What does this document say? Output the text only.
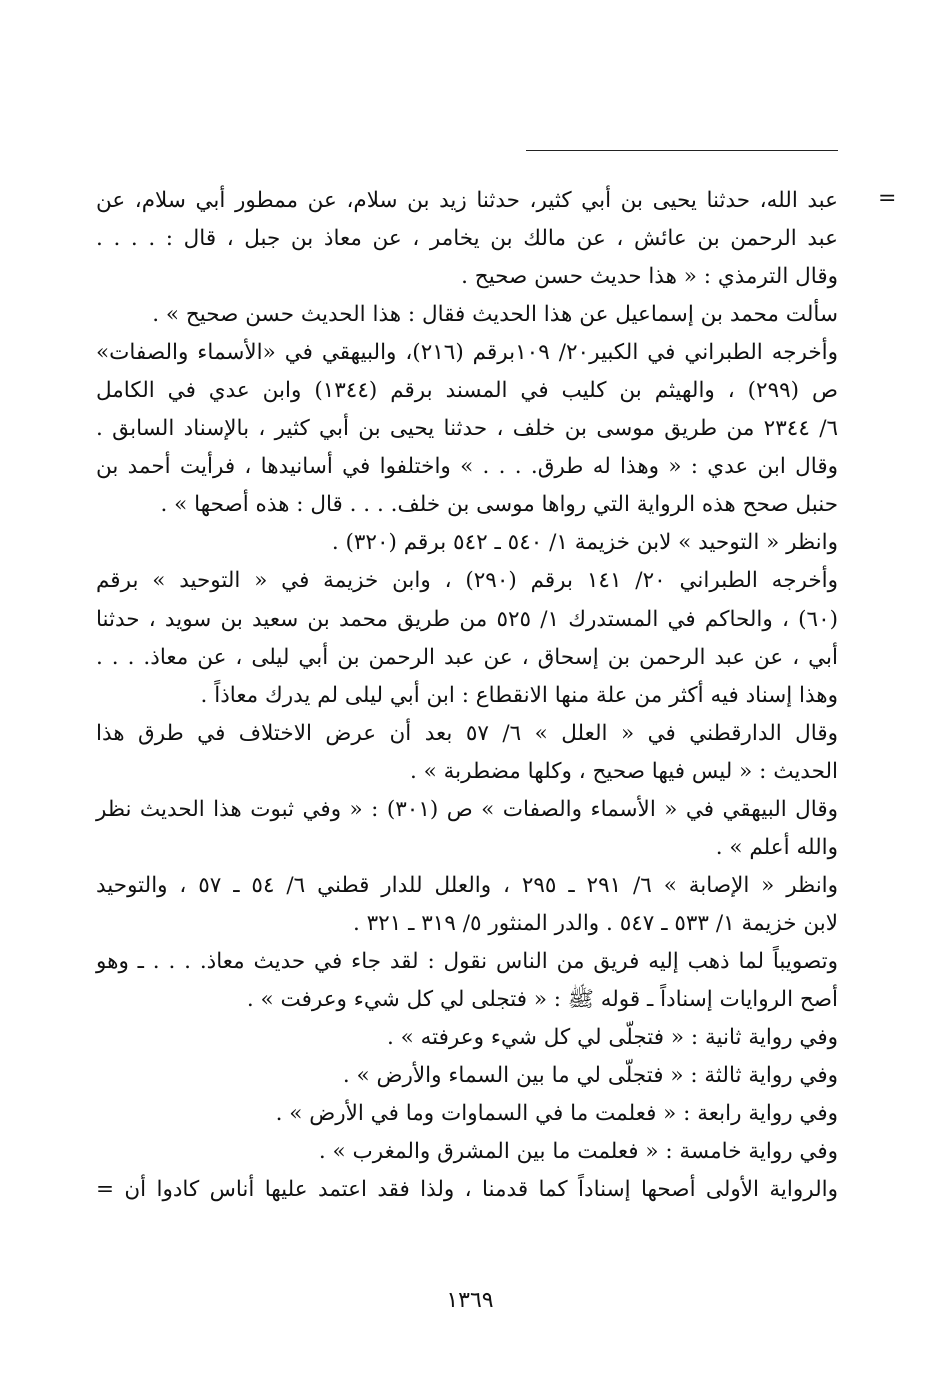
=
عبد الله، حدثنا يحيى بن أبي كثير، حدثنا زيد بن سلام، عن ممطور أبي سلام، عن
عبد الرحمن بن عائش ، عن مالك بن يخامر ، عن معاذ بن جبل ، قال : . . . .
وقال الترمذي : « هذا حديث حسن صحيح .
سألت محمد بن إسماعيل عن هذا الحديث فقال : هذا الحديث حسن صحيح » .
وأخرجه الطبراني في الكبير٢٠/ ١٠٩برقم (٢١٦)، والبيهقي في «الأسماء والصفات»
ص (٢٩٩) ، والهيثم بن كليب في المسند برقم (١٣٤٤) وابن عدي في الكامل
٦/ ٢٣٤٤ من طريق موسى بن خلف ، حدثنا يحيى بن أبي كثير ، بالإسناد السابق .
وقال ابن عدي : « وهذا له طرق. . . . » واختلفوا في أسانيدها ، فرأيت أحمد بن
حنبل صحح هذه الرواية التي رواها موسى بن خلف. . . . قال : هذه أصحها » .
وانظر « التوحيد » لابن خزيمة ١/ ٥٤٠ ـ ٥٤٢ برقم (٣٢٠) .
وأخرجه الطبراني ٢٠/ ١٤١ برقم (٢٩٠) ، وابن خزيمة في « التوحيد » برقم
(٦٠) ، والحاكم في المستدرك ١/ ٥٢٥ من طريق محمد بن سعيد بن سويد ، حدثنا
أبي ، عن عبد الرحمن بن إسحاق ، عن عبد الرحمن بن أبي ليلى ، عن معاذ. . . .
وهذا إسناد فيه أكثر من علة منها الانقطاع : ابن أبي ليلى لم يدرك معاذاً .
وقال الدارقطني في « العلل » ٦/ ٥٧ بعد أن عرض الاختلاف في طرق هذا
الحديث : « ليس فيها صحيح ، وكلها مضطربة » .
وقال البيهقي في « الأسماء والصفات » ص (٣٠١) : « وفي ثبوت هذا الحديث نظر
والله أعلم » .
وانظر « الإصابة » ٦/ ٢٩١ ـ ٢٩٥ ، والعلل للدار قطني ٦/ ٥٤ ـ ٥٧ ، والتوحيد
لابن خزيمة ١/ ٥٣٣ ـ ٥٤٧ . والدر المنثور ٥/ ٣١٩ ـ ٣٢١ .
وتصويباً لما ذهب إليه فريق من الناس نقول : لقد جاء في حديث معاذ. . . . ـ وهو
أصح الروايات إسناداً ـ قوله ﷺ : « فتجلى لي كل شيء وعرفت » .
وفي رواية ثانية : « فتجلّى لي كل شيء وعرفته » .
وفي رواية ثالثة : « فتجلّى لي ما بين السماء والأرض » .
وفي رواية رابعة : « فعلمت ما في السماوات وما في الأرض » .
وفي رواية خامسة : « فعلمت ما بين المشرق والمغرب » .
والرواية الأولى أصحها إسناداً كما قدمنا ، ولذا فقد اعتمد عليها أناس كادوا أن =
١٣٦٩
